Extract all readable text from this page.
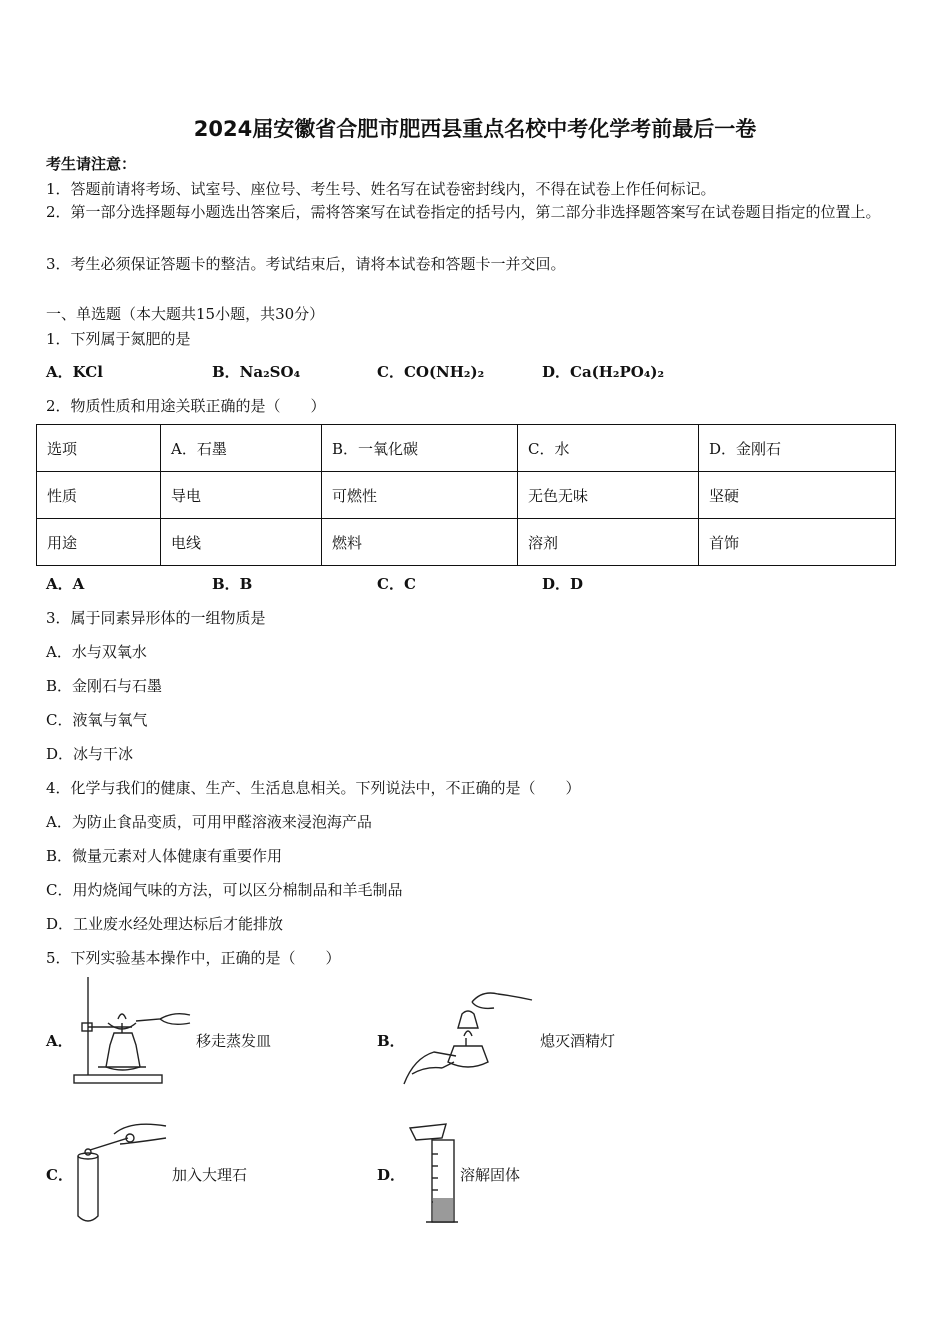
2024届安徽省合肥市肥西县重点名校中考化学考前最后一卷
考生请注意：
1．答题前请将考场、试室号、座位号、考生号、姓名写在试卷密封线内，不得在试卷上作任何标记。
2．第一部分选择题每小题选出答案后，需将答案写在试卷指定的括号内，第二部分非选择题答案写在试卷题目指定的位置上。
3．考生必须保证答题卡的整洁。考试结束后，请将本试卷和答题卡一并交回。
一、单选题（本大题共15小题，共30分）
1．下列属于氮肥的是
A．KCl	B．Na₂SO₄	C．CO(NH₂)₂	D．Ca(H₂PO₄)₂
2．物质性质和用途关联正确的是（　　）
选项	A．石墨	B．一氧化碳	C．水	D．金刚石
性质	导电	可燃性	无色无味	坚硬
用途	电线	燃料	溶剂	首饰
A．A	B．B	C．C	D．D
3．属于同素异形体的一组物质是
A．水与双氧水
B．金刚石与石墨
C．液氧与氧气
D．冰与干冰
4．化学与我们的健康、生产、生活息息相关。下列说法中，不正确的是（　　）
A．为防止食品变质，可用甲醛溶液来浸泡海产品
B．微量元素对人体健康有重要作用
C．用灼烧闻气味的方法，可以区分棉制品和羊毛制品
D．工业废水经处理达标后才能排放
5．下列实验基本操作中，正确的是（　　）
A．	移走蒸发皿	B．	熄灭酒精灯
C．	加入大理石	D．	溶解固体
